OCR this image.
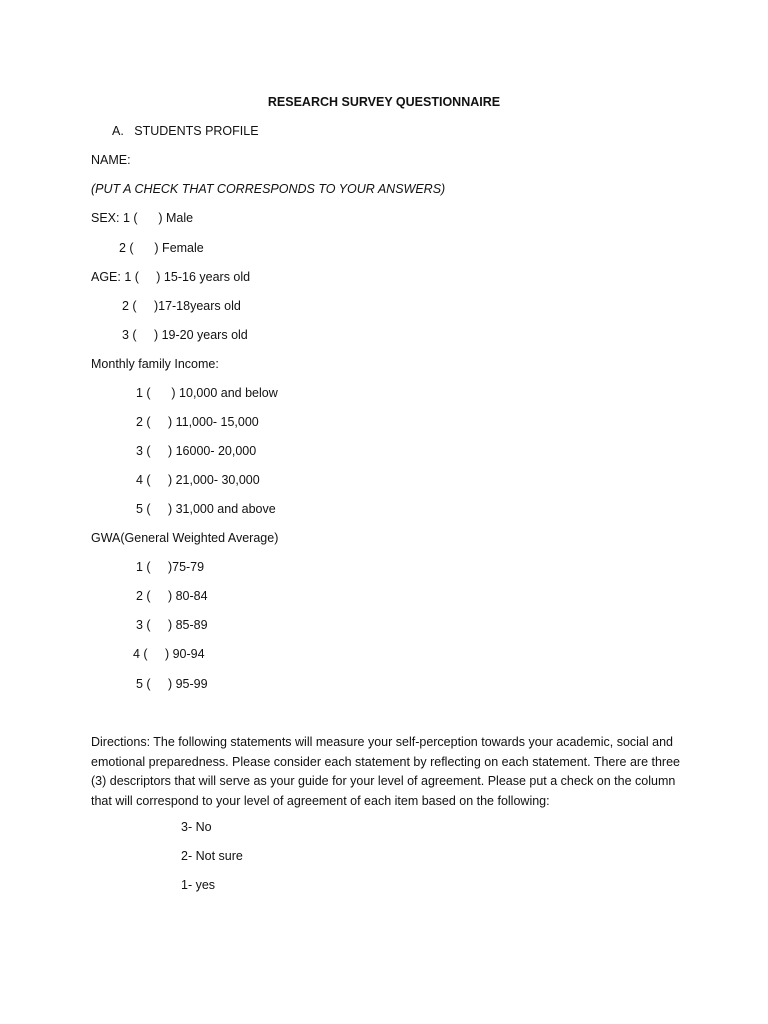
RESEARCH SURVEY QUESTIONNAIRE
A.   STUDENTS PROFILE
NAME:
(PUT A CHECK THAT CORRESPONDS TO YOUR ANSWERS)
SEX: 1 (      ) Male
2 (      ) Female
AGE: 1 (     ) 15-16 years old
2 (     )17-18years old
3 (     ) 19-20 years old
Monthly family Income:
1 (      ) 10,000 and below
2 (     ) 11,000- 15,000
3 (     ) 16000- 20,000
4 (     ) 21,000- 30,000
5 (     ) 31,000 and above
GWA(General Weighted Average)
1 (     )75-79
2 (     ) 80-84
3 (     ) 85-89
4 (     ) 90-94
5 (     ) 95-99
Directions: The following statements will measure your self-perception towards your academic, social and emotional preparedness. Please consider each statement by reflecting on each statement. There are three (3) descriptors that will serve as your guide for your level of agreement. Please put a check on the column that will correspond to your level of agreement of each item based on the following:
3- No
2- Not sure
1- yes
